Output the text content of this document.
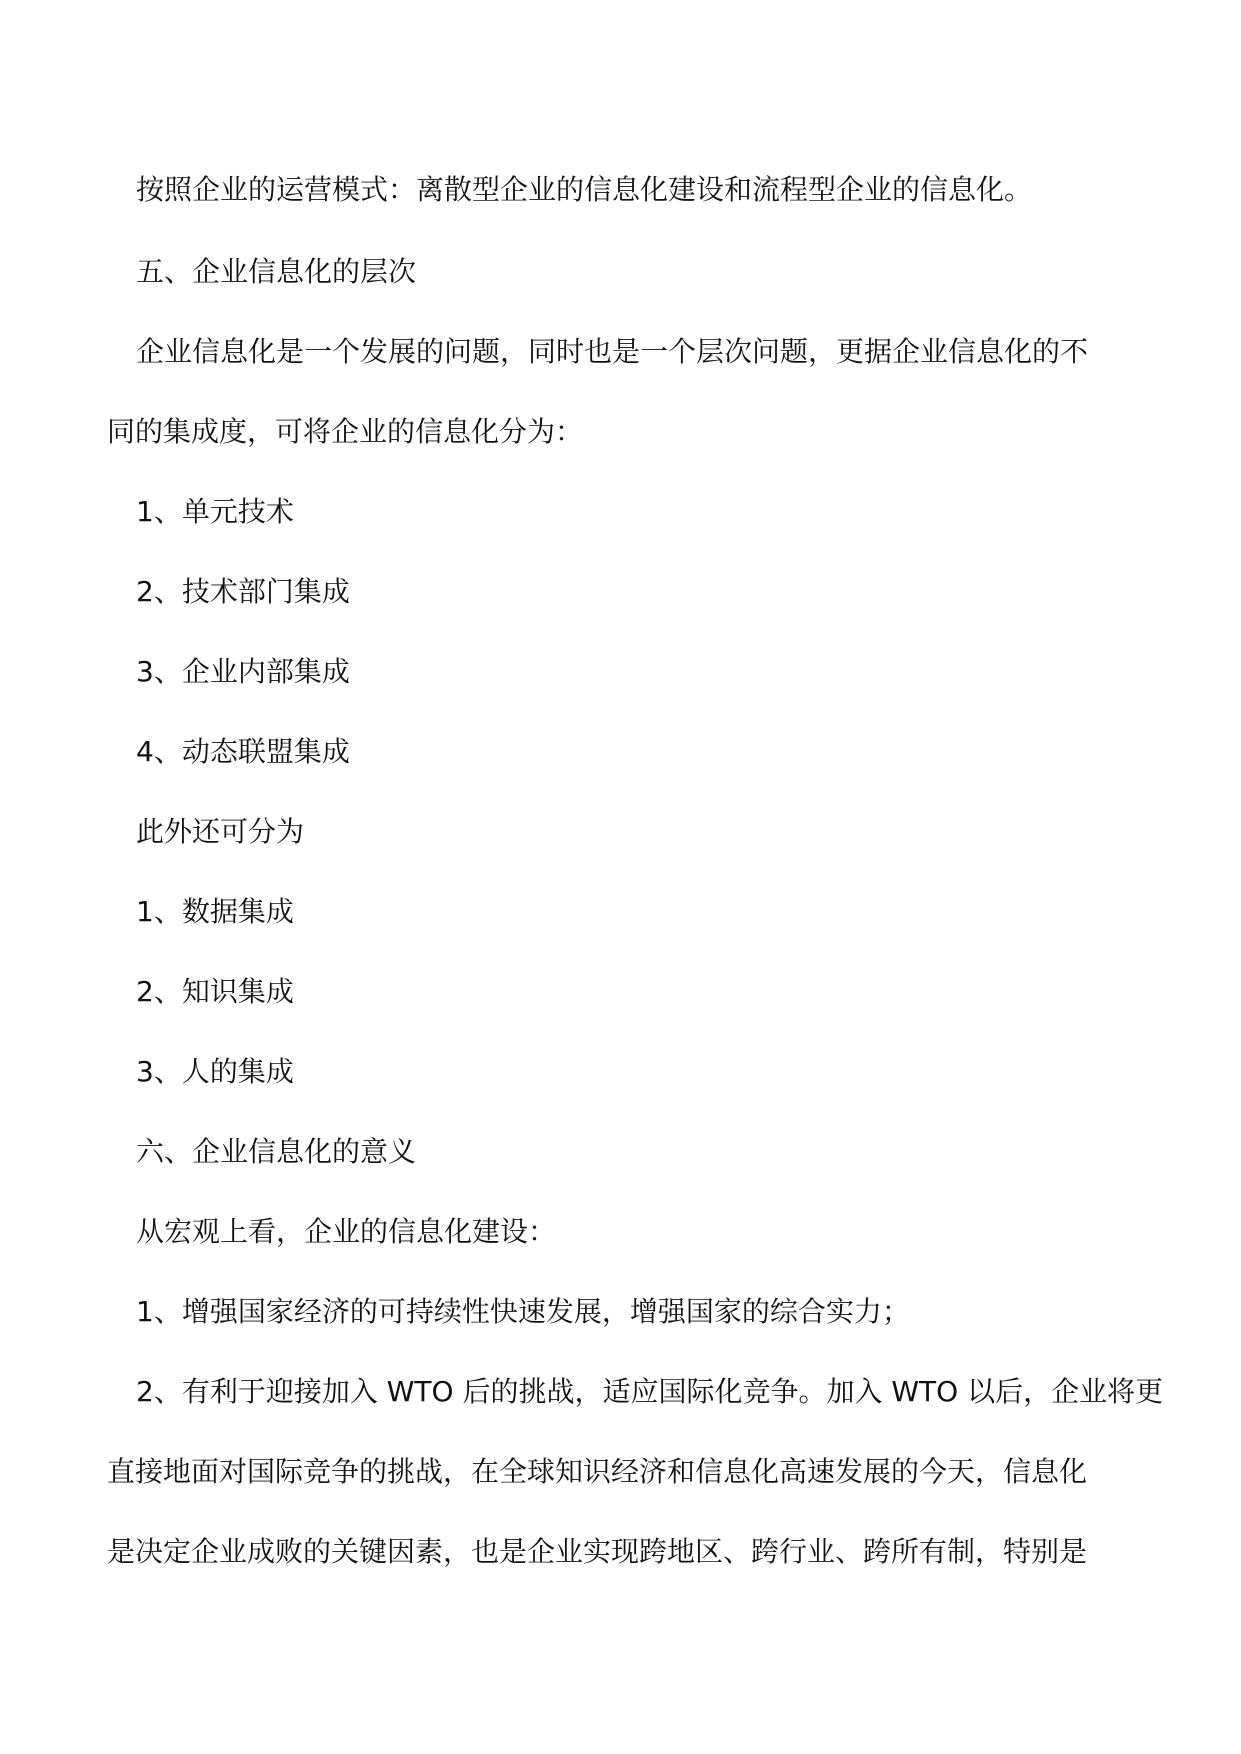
按照企业的运营模式：离散型企业的信息化建设和流程型企业的信息化。
五、企业信息化的层次
企业信息化是一个发展的问题，同时也是一个层次问题，更据企业信息化的不
同的集成度，可将企业的信息化分为：
1、单元技术
2、技术部门集成
3、企业内部集成
4、动态联盟集成
此外还可分为
1、数据集成
2、知识集成
3、人的集成
六、企业信息化的意义
从宏观上看，企业的信息化建设：
1、增强国家经济的可持续性快速发展，增强国家的综合实力；
2、有利于迎接加入 WTO 后的挑战，适应国际化竞争。加入 WTO 以后，企业将更
直接地面对国际竞争的挑战，在全球知识经济和信息化高速发展的今天，信息化
是决定企业成败的关键因素，也是企业实现跨地区、跨行业、跨所有制，特别是
